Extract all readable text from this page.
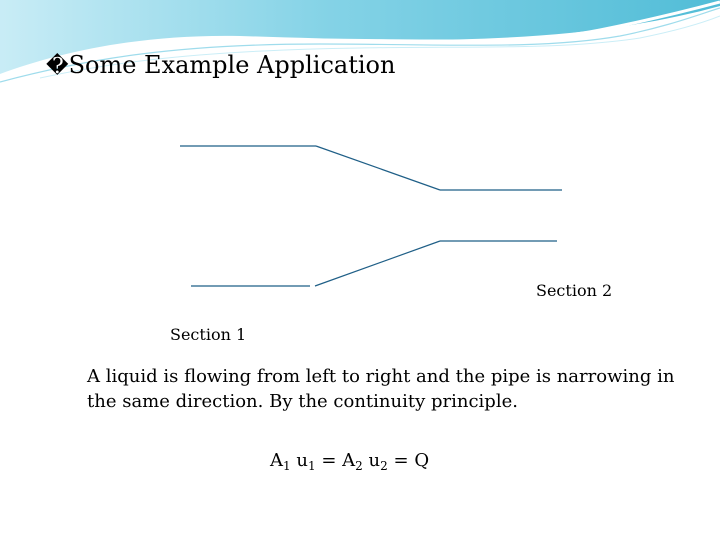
�Some Example Application
Section 2
Section 1
A liquid is flowing from left to right and the pipe is narrowing in the same direction. By the continuity principle.
$A_1$ $u_1 = A_2$ $u_2 = Q$
